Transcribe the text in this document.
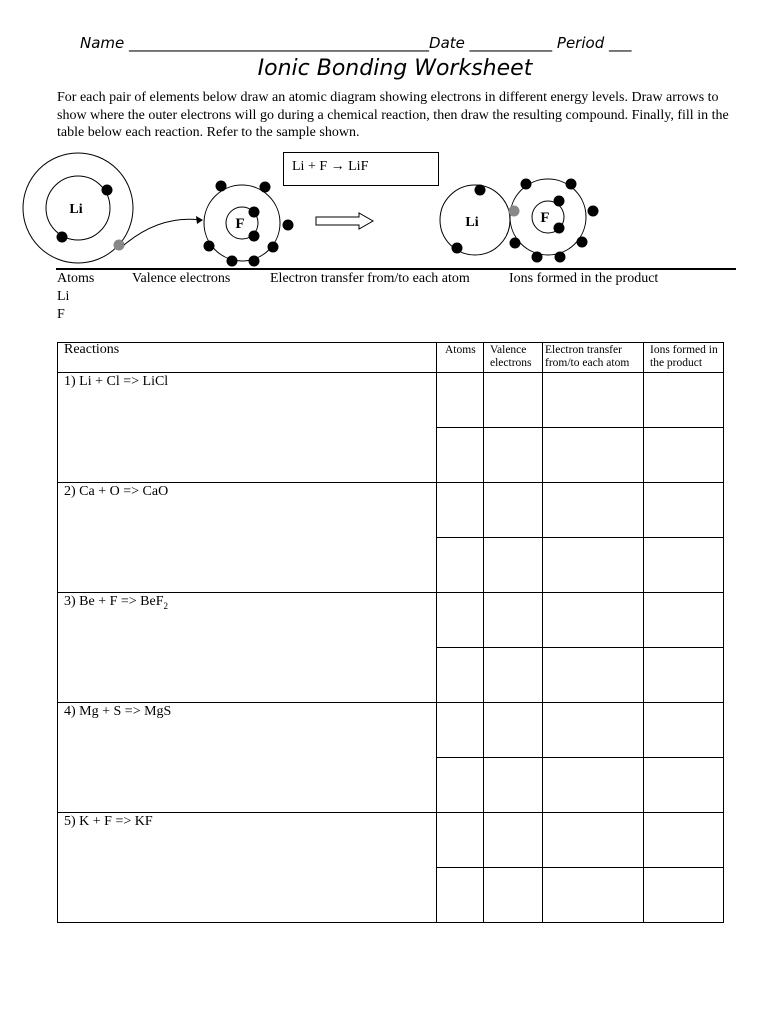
Name ________________________________________Date ___________ Period ___
Ionic Bonding Worksheet
For each pair of elements below draw an atomic diagram showing electrons in different energy levels. Draw arrows to show where the outer electrons will go during a chemical reaction, then draw the resulting compound. Finally, fill in the table below each reaction. Refer to the sample shown.
Li
F	Li	F
Li + F → LiF
Atoms	Valence electrons	Electron transfer from/to each atom	Ions formed in the product
Li
F
Reactions	Atoms	Valence electrons	Electron transfer from/to each atom	Ions formed in the product
1) Li + Cl => LiCl				

2) Ca + O => CaO				

3) Be + F => BeF$_2$				

4) Mg + S => MgS				

5) K + F => KF				
